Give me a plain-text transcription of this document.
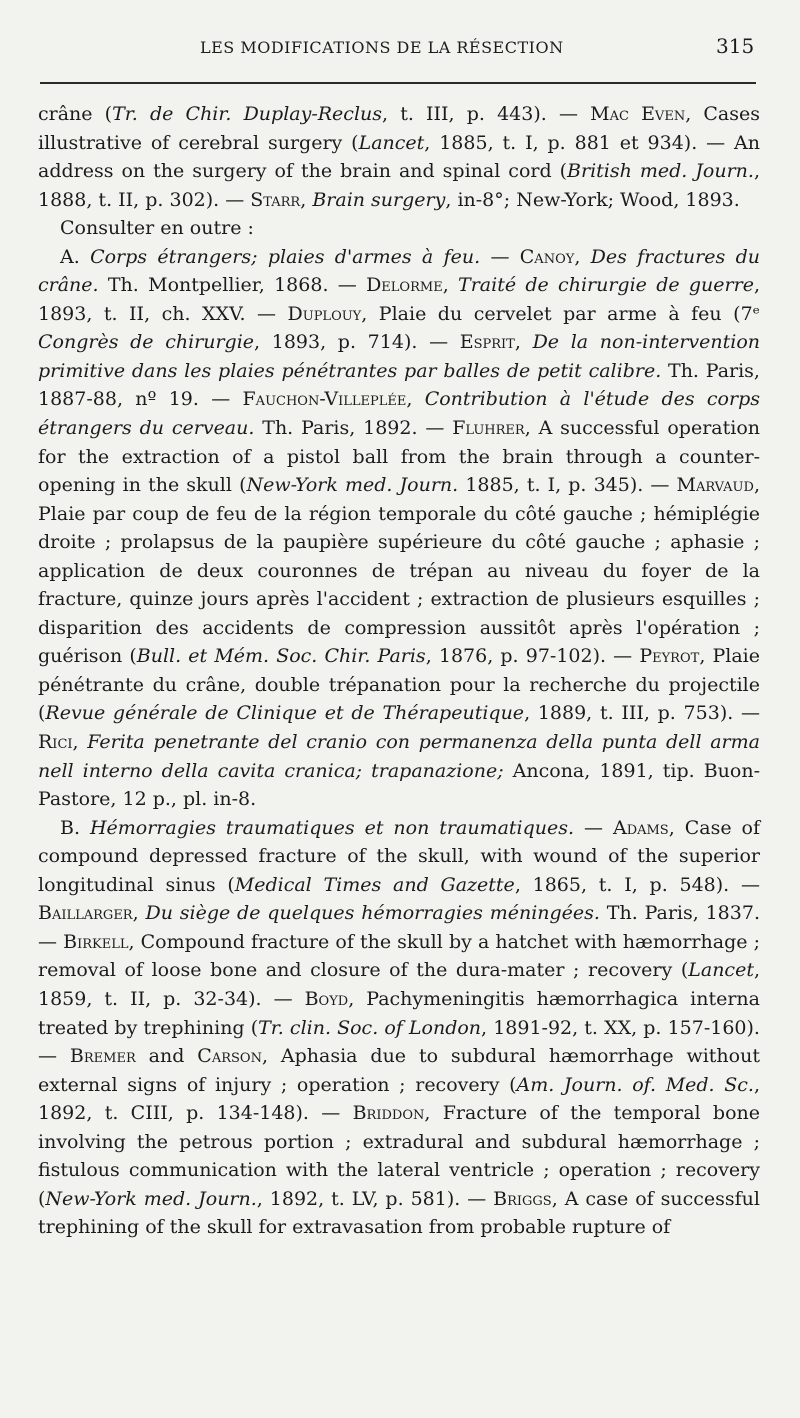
LES MODIFICATIONS DE LA RÉSECTION	315

crâne (Tr. de Chir. Duplay-Reclus, t. III, p. 443). — Mac Even, Cases illustrative of cerebral surgery (Lancet, 1885, t. I, p. 881 et 934). — An address on the surgery of the brain and spinal cord (British med. Journ., 1888, t. II, p. 302). — Starr, Brain surgery, in-8°; New-York; Wood, 1893.

Consulter en outre :

A. Corps étrangers; plaies d'armes à feu. — Canoy, Des fractures du crâne. Th. Montpellier, 1868. — Delorme, Traité de chirurgie de guerre, 1893, t. II, ch. XXV. — Duplouy, Plaie du cervelet par arme à feu (7ᵉ Congrès de chirurgie, 1893, p. 714). — Esprit, De la non-intervention primitive dans les plaies pénétrantes par balles de petit calibre. Th. Paris, 1887-88, nº 19. — Fauchon-Villeplée, Contribution à l'étude des corps étrangers du cerveau. Th. Paris, 1892. — Fluhrer, A successful operation for the extraction of a pistol ball from the brain through a counter-opening in the skull (New-York med. Journ. 1885, t. I, p. 345). — Marvaud, Plaie par coup de feu de la région temporale du côté gauche ; hémiplégie droite ; prolapsus de la paupière supérieure du côté gauche ; aphasie ; application de deux couronnes de trépan au niveau du foyer de la fracture, quinze jours après l'accident ; extraction de plusieurs esquilles ; disparition des accidents de compression aussitôt après l'opération ; guérison (Bull. et Mém. Soc. Chir. Paris, 1876, p. 97-102). — Peyrot, Plaie pénétrante du crâne, double trépanation pour la recherche du projectile (Revue générale de Clinique et de Thérapeutique, 1889, t. III, p. 753). — Rici, Ferita penetrante del cranio con permanenza della punta dell arma nell interno della cavita cranica; trapanazione; Ancona, 1891, tip. Buon-Pastore, 12 p., pl. in-8.

B. Hémorragies traumatiques et non traumatiques. — Adams, Case of compound depressed fracture of the skull, with wound of the superior longitudinal sinus (Medical Times and Gazette, 1865, t. I, p. 548). — Baillarger, Du siège de quelques hémorragies méningées. Th. Paris, 1837. — Birkell, Compound fracture of the skull by a hatchet with hæmorrhage ; removal of loose bone and closure of the dura-mater ; recovery (Lancet, 1859, t. II, p. 32-34). — Boyd, Pachymeningitis hæmorrhagica interna treated by trephining (Tr. clin. Soc. of London, 1891-92, t. XX, p. 157-160). — Bremer and Carson, Aphasia due to subdural hæmorrhage without external signs of injury ; operation ; recovery (Am. Journ. of. Med. Sc., 1892, t. CIII, p. 134-148). — Briddon, Fracture of the temporal bone involving the petrous portion ; extradural and subdural hæmorrhage ; fistulous communication with the lateral ventricle ; operation ; recovery (New-York med. Journ., 1892, t. LV, p. 581). — Briggs, A case of successful trephining of the skull for extravasation from probable rupture of
